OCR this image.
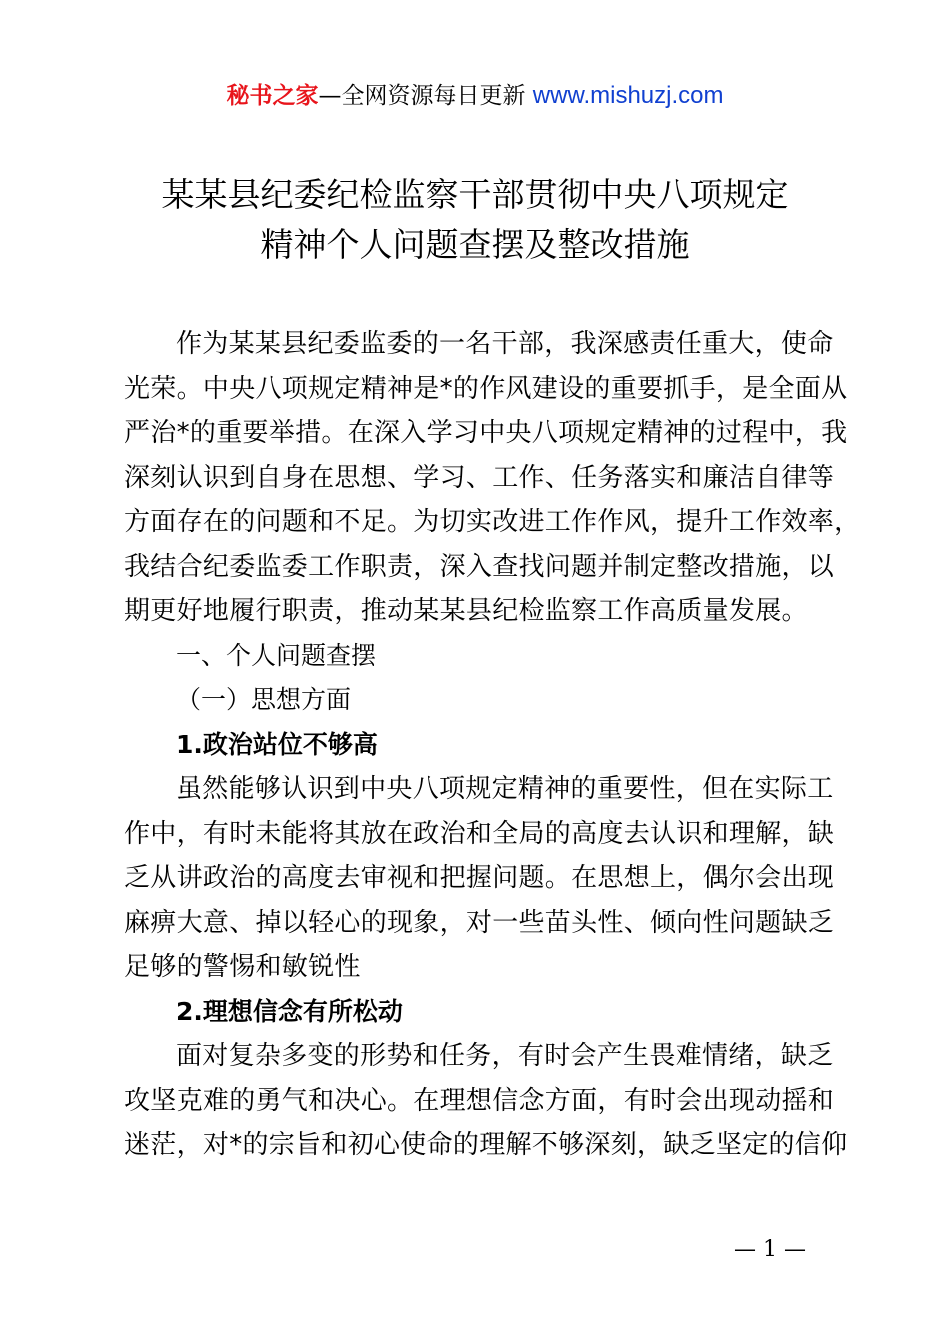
秘书之家—全网资源每日更新 www.mishuzj.com
某某县纪委纪检监察干部贯彻中央八项规定
精神个人问题查摆及整改措施
作为某某县纪委监委的一名干部，我深感责任重大，使命
光荣。中央八项规定精神是*的作风建设的重要抓手，是全面从
严治*的重要举措。在深入学习中央八项规定精神的过程中，我
深刻认识到自身在思想、学习、工作、任务落实和廉洁自律等
方面存在的问题和不足。为切实改进工作作风，提升工作效率，
我结合纪委监委工作职责，深入查找问题并制定整改措施，以
期更好地履行职责，推动某某县纪检监察工作高质量发展。
一、个人问题查摆
（一）思想方面
1.政治站位不够高
虽然能够认识到中央八项规定精神的重要性，但在实际工
作中，有时未能将其放在政治和全局的高度去认识和理解，缺
乏从讲政治的高度去审视和把握问题。在思想上，偶尔会出现
麻痹大意、掉以轻心的现象，对一些苗头性、倾向性问题缺乏
足够的警惕和敏锐性
2.理想信念有所松动
面对复杂多变的形势和任务，有时会产生畏难情绪，缺乏
攻坚克难的勇气和决心。在理想信念方面，有时会出现动摇和
迷茫，对*的宗旨和初心使命的理解不够深刻，缺乏坚定的信仰
— 1 —
